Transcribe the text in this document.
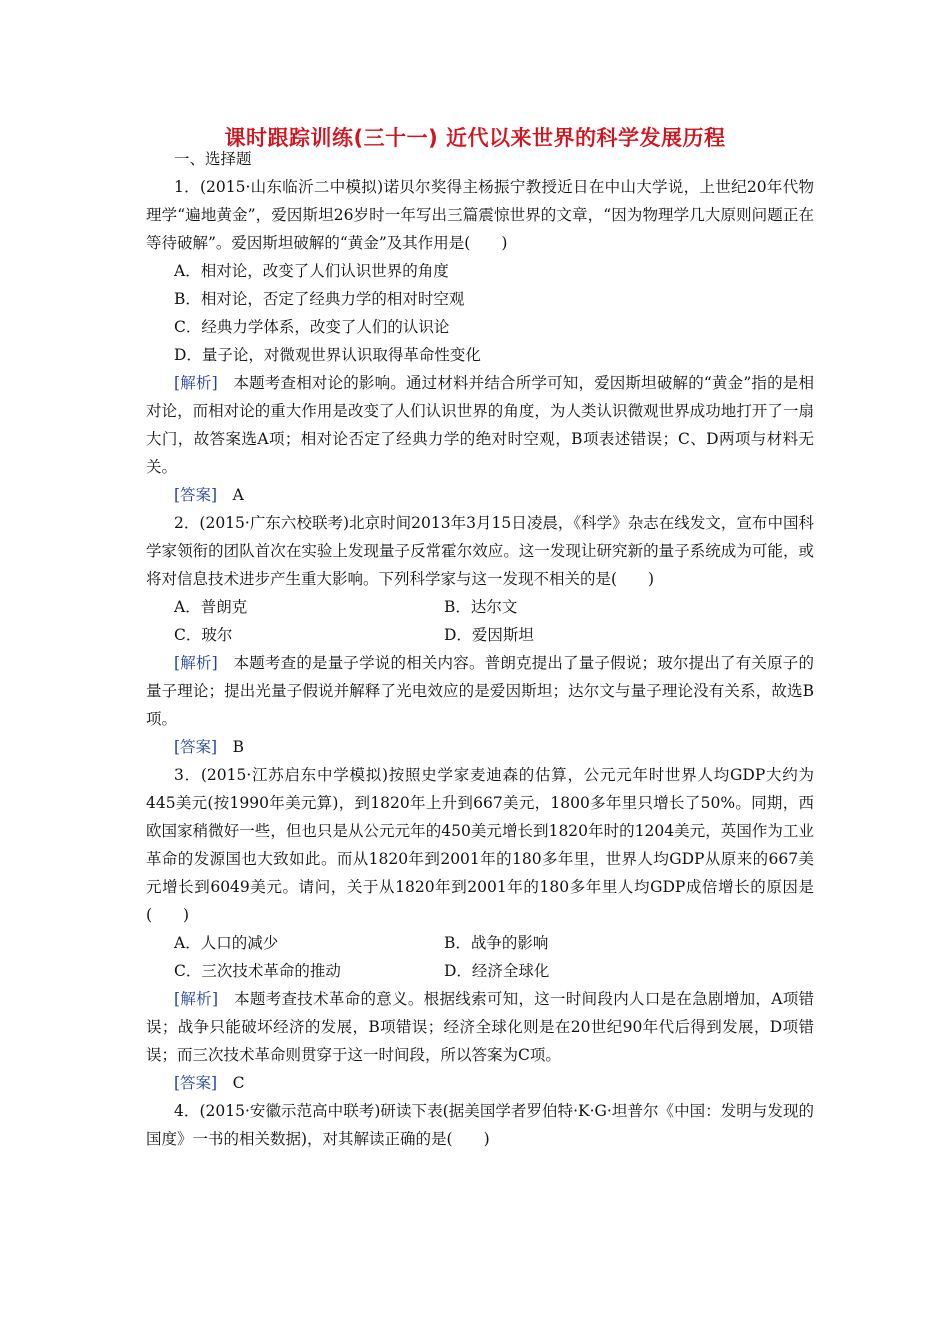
课时跟踪训练(三十一) 近代以来世界的科学发展历程
一、选择题

1．(2015·山东临沂二中模拟)诺贝尔奖得主杨振宁教授近日在中山大学说，上世纪20年代物理学“遍地黄金”，爱因斯坦26岁时一年写出三篇震惊世界的文章，“因为物理学几大原则问题正在等待破解”。爱因斯坦破解的“黄金”及其作用是(　　)

A．相对论，改变了人们认识世界的角度
B．相对论，否定了经典力学的相对时空观
C．经典力学体系，改变了人们的认识论
D．量子论，对微观世界认识取得革命性变化

[解析]　 本题考查相对论的影响。通过材料并结合所学可知，爱因斯坦破解的“黄金”指的是相对论，而相对论的重大作用是改变了人们认识世界的角度，为人类认识微观世界成功地打开了一扇大门，故答案选A项；相对论否定了经典力学的绝对时空观，B项表述错误；C、D两项与材料无关。

[答案]　 A

2．(2015·广东六校联考)北京时间2013年3月15日凌晨，《科学》杂志在线发文，宣布中国科学家领衔的团队首次在实验上发现量子反常霍尔效应。这一发现让研究新的量子系统成为可能，或将对信息技术进步产生重大影响。下列科学家与这一发现不相关的是(　　)

A．普朗克	B．达尔文
C．玻尔	D．爱因斯坦

[解析]　 本题考查的是量子学说的相关内容。普朗克提出了量子假说；玻尔提出了有关原子的量子理论；提出光量子假说并解释了光电效应的是爱因斯坦；达尔文与量子理论没有关系，故选B项。

[答案]　 B

3．(2015·江苏启东中学模拟)按照史学家麦迪森的估算，公元元年时世界人均GDP大约为445美元(按1990年美元算)，到1820年上升到667美元，1800多年里只增长了50%。同期，西欧国家稍微好一些，但也只是从公元元年的450美元增长到1820年时的1204美元，英国作为工业革命的发源国也大致如此。而从1820年到2001年的180多年里，世界人均GDP从原来的667美元增长到6049美元。请问，关于从1820年到2001年的180多年里人均GDP成倍增长的原因是(　　)

A．人口的减少	B．战争的影响
C．三次技术革命的推动	D．经济全球化

[解析]　 本题考查技术革命的意义。根据线索可知，这一时间段内人口是在急剧增加，A项错误；战争只能破坏经济的发展，B项错误；经济全球化则是在20世纪90年代后得到发展，D项错误；而三次技术革命则贯穿于这一时间段，所以答案为C项。

[答案]　 C

4．(2015·安徽示范高中联考)研读下表(据美国学者罗伯特·K·G·坦普尔《中国：发明与发现的国度》一书的相关数据)，对其解读正确的是(　　)
